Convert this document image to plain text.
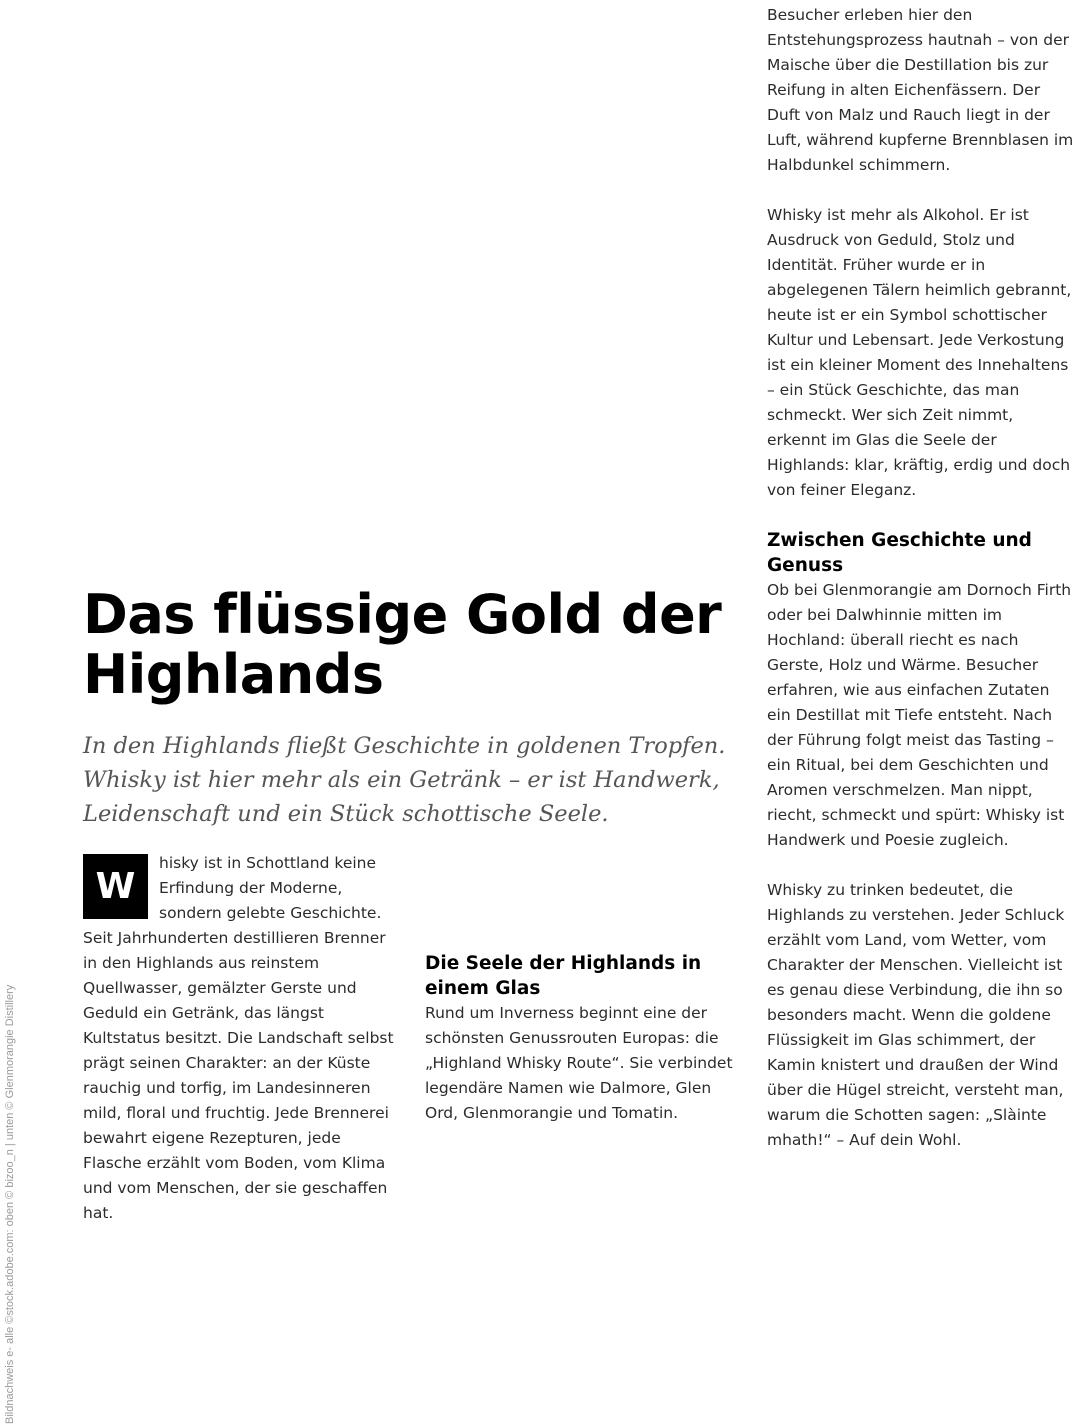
Bildnachweis e- alle ©stock.adobe.com: oben © bizoo_n | unten © Glenmorangie Distillery
Das flüssige Gold der Highlands

In den Highlands fließt Geschichte in goldenen Tropfen. Whisky ist hier mehr als ein Getränk – er ist Handwerk, Leidenschaft und ein Stück schottische Seele.

W
hisky ist in Schottland keine Erfindung der Moderne, sondern gelebte Geschichte. Seit Jahrhunderten destillieren Brenner in den Highlands aus reinstem Quellwasser, gemälzter Gerste und Geduld ein Getränk, das längst Kultstatus besitzt. Die Landschaft selbst prägt seinen Charakter: an der Küste rauchig und torfig, im Landesinneren mild, floral und fruchtig. Jede Brennerei bewahrt eigene Rezepturen, jede Flasche erzählt vom Boden, vom Klima und vom Menschen, der sie geschaffen hat.

Die Seele der Highlands in einem Glas

Rund um Inverness beginnt eine der schönsten Genussrouten Europas: die „Highland Whisky Route“. Sie verbindet legendäre Namen wie Dalmore, Glen Ord, Glenmorangie und Tomatin.

Besucher erleben hier den Entstehungsprozess hautnah – von der Maische über die Destillation bis zur Reifung in alten Eichenfässern. Der Duft von Malz und Rauch liegt in der Luft, während kupferne Brennblasen im Halbdunkel schimmern.

Whisky ist mehr als Alkohol. Er ist Ausdruck von Geduld, Stolz und Identität. Früher wurde er in abgelegenen Tälern heimlich gebrannt, heute ist er ein Symbol schottischer Kultur und Lebensart. Jede Verkostung ist ein kleiner Moment des Innehaltens – ein Stück Geschichte, das man schmeckt. Wer sich Zeit nimmt, erkennt im Glas die Seele der Highlands: klar, kräftig, erdig und doch von feiner Eleganz.

Zwischen Geschichte und Genuss

Ob bei Glenmorangie am Dornoch Firth oder bei Dalwhinnie mitten im Hochland: überall riecht es nach Gerste, Holz und Wärme. Besucher erfahren, wie aus einfachen Zutaten ein Destillat mit Tiefe entsteht. Nach der Führung folgt meist das Tasting – ein Ritual, bei dem Geschichten und Aromen verschmelzen. Man nippt, riecht, schmeckt und spürt: Whisky ist Handwerk und Poesie zugleich.

Whisky zu trinken bedeutet, die Highlands zu verstehen. Jeder Schluck erzählt vom Land, vom Wetter, vom Charakter der Menschen. Vielleicht ist es genau diese Verbindung, die ihn so besonders macht. Wenn die goldene Flüssigkeit im Glas schimmert, der Kamin knistert und draußen der Wind über die Hügel streicht, versteht man, warum die Schotten sagen: „Slàinte mhath!“ – Auf dein Wohl.
